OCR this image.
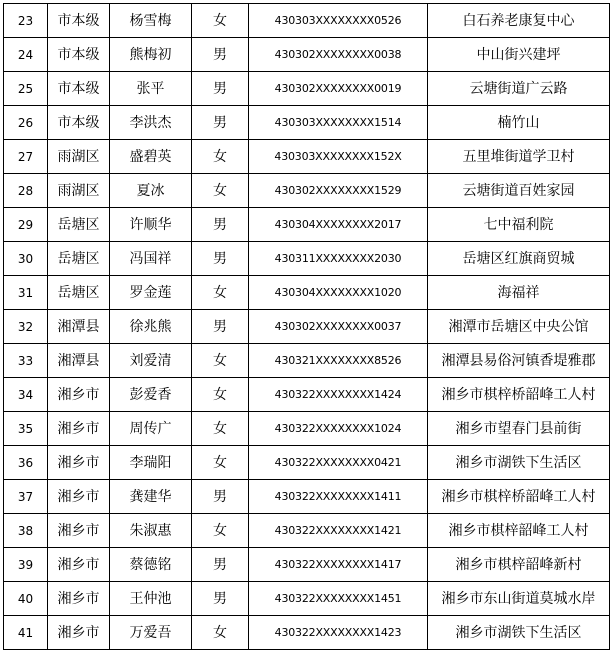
23	市本级	杨雪梅	女	430303XXXXXXXX0526	白石养老康复中心
24	市本级	熊梅初	男	430302XXXXXXXX0038	中山街兴建坪
25	市本级	张平	男	430302XXXXXXXX0019	云塘街道广云路
26	市本级	李洪杰	男	430303XXXXXXXX1514	楠竹山
27	雨湖区	盛碧英	女	430303XXXXXXXX152X	五里堆街道学卫村
28	雨湖区	夏冰	女	430302XXXXXXXX1529	云塘街道百姓家园
29	岳塘区	许顺华	男	430304XXXXXXXX2017	七中福利院
30	岳塘区	冯国祥	男	430311XXXXXXXX2030	岳塘区红旗商贸城
31	岳塘区	罗金莲	女	430304XXXXXXXX1020	海福祥
32	湘潭县	徐兆熊	男	430302XXXXXXXX0037	湘潭市岳塘区中央公馆
33	湘潭县	刘爱清	女	430321XXXXXXXX8526	湘潭县易俗河镇香堤雅郡
34	湘乡市	彭爱香	女	430322XXXXXXXX1424	湘乡市棋梓桥韶峰工人村
35	湘乡市	周传广	女	430322XXXXXXXX1024	湘乡市望春门县前街
36	湘乡市	李瑞阳	女	430322XXXXXXXX0421	湘乡市湖铁下生活区
37	湘乡市	龚建华	男	430322XXXXXXXX1411	湘乡市棋梓桥韶峰工人村
38	湘乡市	朱淑惠	女	430322XXXXXXXX1421	湘乡市棋梓韶峰工人村
39	湘乡市	蔡德铭	男	430322XXXXXXXX1417	湘乡市棋梓韶峰新村
40	湘乡市	王仲池	男	430322XXXXXXXX1451	湘乡市东山街道莫城水岸
41	湘乡市	万爱吾	女	430322XXXXXXXX1423	湘乡市湖铁下生活区
